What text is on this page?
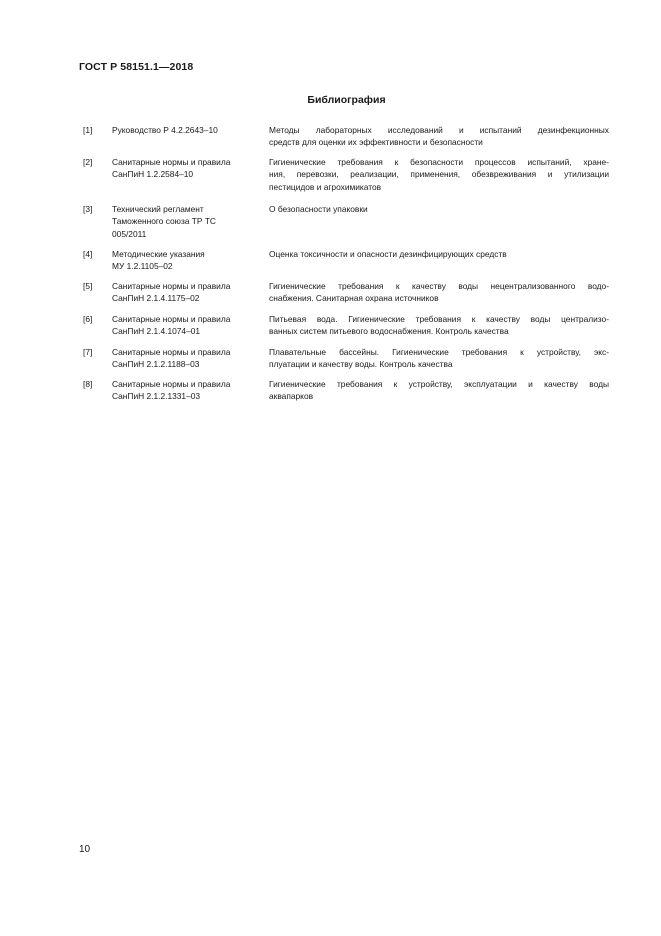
ГОСТ Р 58151.1—2018
Библиография
[1] Руководство Р 4.2.2643–10	Методы лабораторных исследований и испытаний дезинфекционных
средств для оценки их эффективности и безопасности
[2] Санитарные нормы и правила
СанПиН 1.2.2584–10
Гигиенические требования к безопасности процессов испытаний, хране-
ния, перевозки, реализации, применения, обезвреживания и утилизации
пестицидов и агрохимикатов
[3] Технический регламент
Таможенного союза ТР ТС
005/2011
О безопасности упаковки
[4] Методические указания
МУ 1.2.1105–02
Оценка токсичности и опасности дезинфицирующих средств
[5] Санитарные нормы и правила
СанПиН 2.1.4.1175–02
Гигиенические требования к качеству воды нецентрализованного водо-
снабжения. Санитарная охрана источников
[6] Санитарные нормы и правила
СанПиН 2.1.4.1074–01
Питьевая вода. Гигиенические требования к качеству воды централизо-
ванных систем питьевого водоснабжения. Контроль качества
[7] Санитарные нормы и правила
СанПиН 2.1.2.1188–03
Плавательные бассейны. Гигиенические требования к устройству, экс-
плуатации и качеству воды. Контроль качества
[8] Санитарные нормы и правила
СанПиН 2.1.2.1331–03
Гигиенические требования к устройству, эксплуатации и качеству воды
аквапарков
10
